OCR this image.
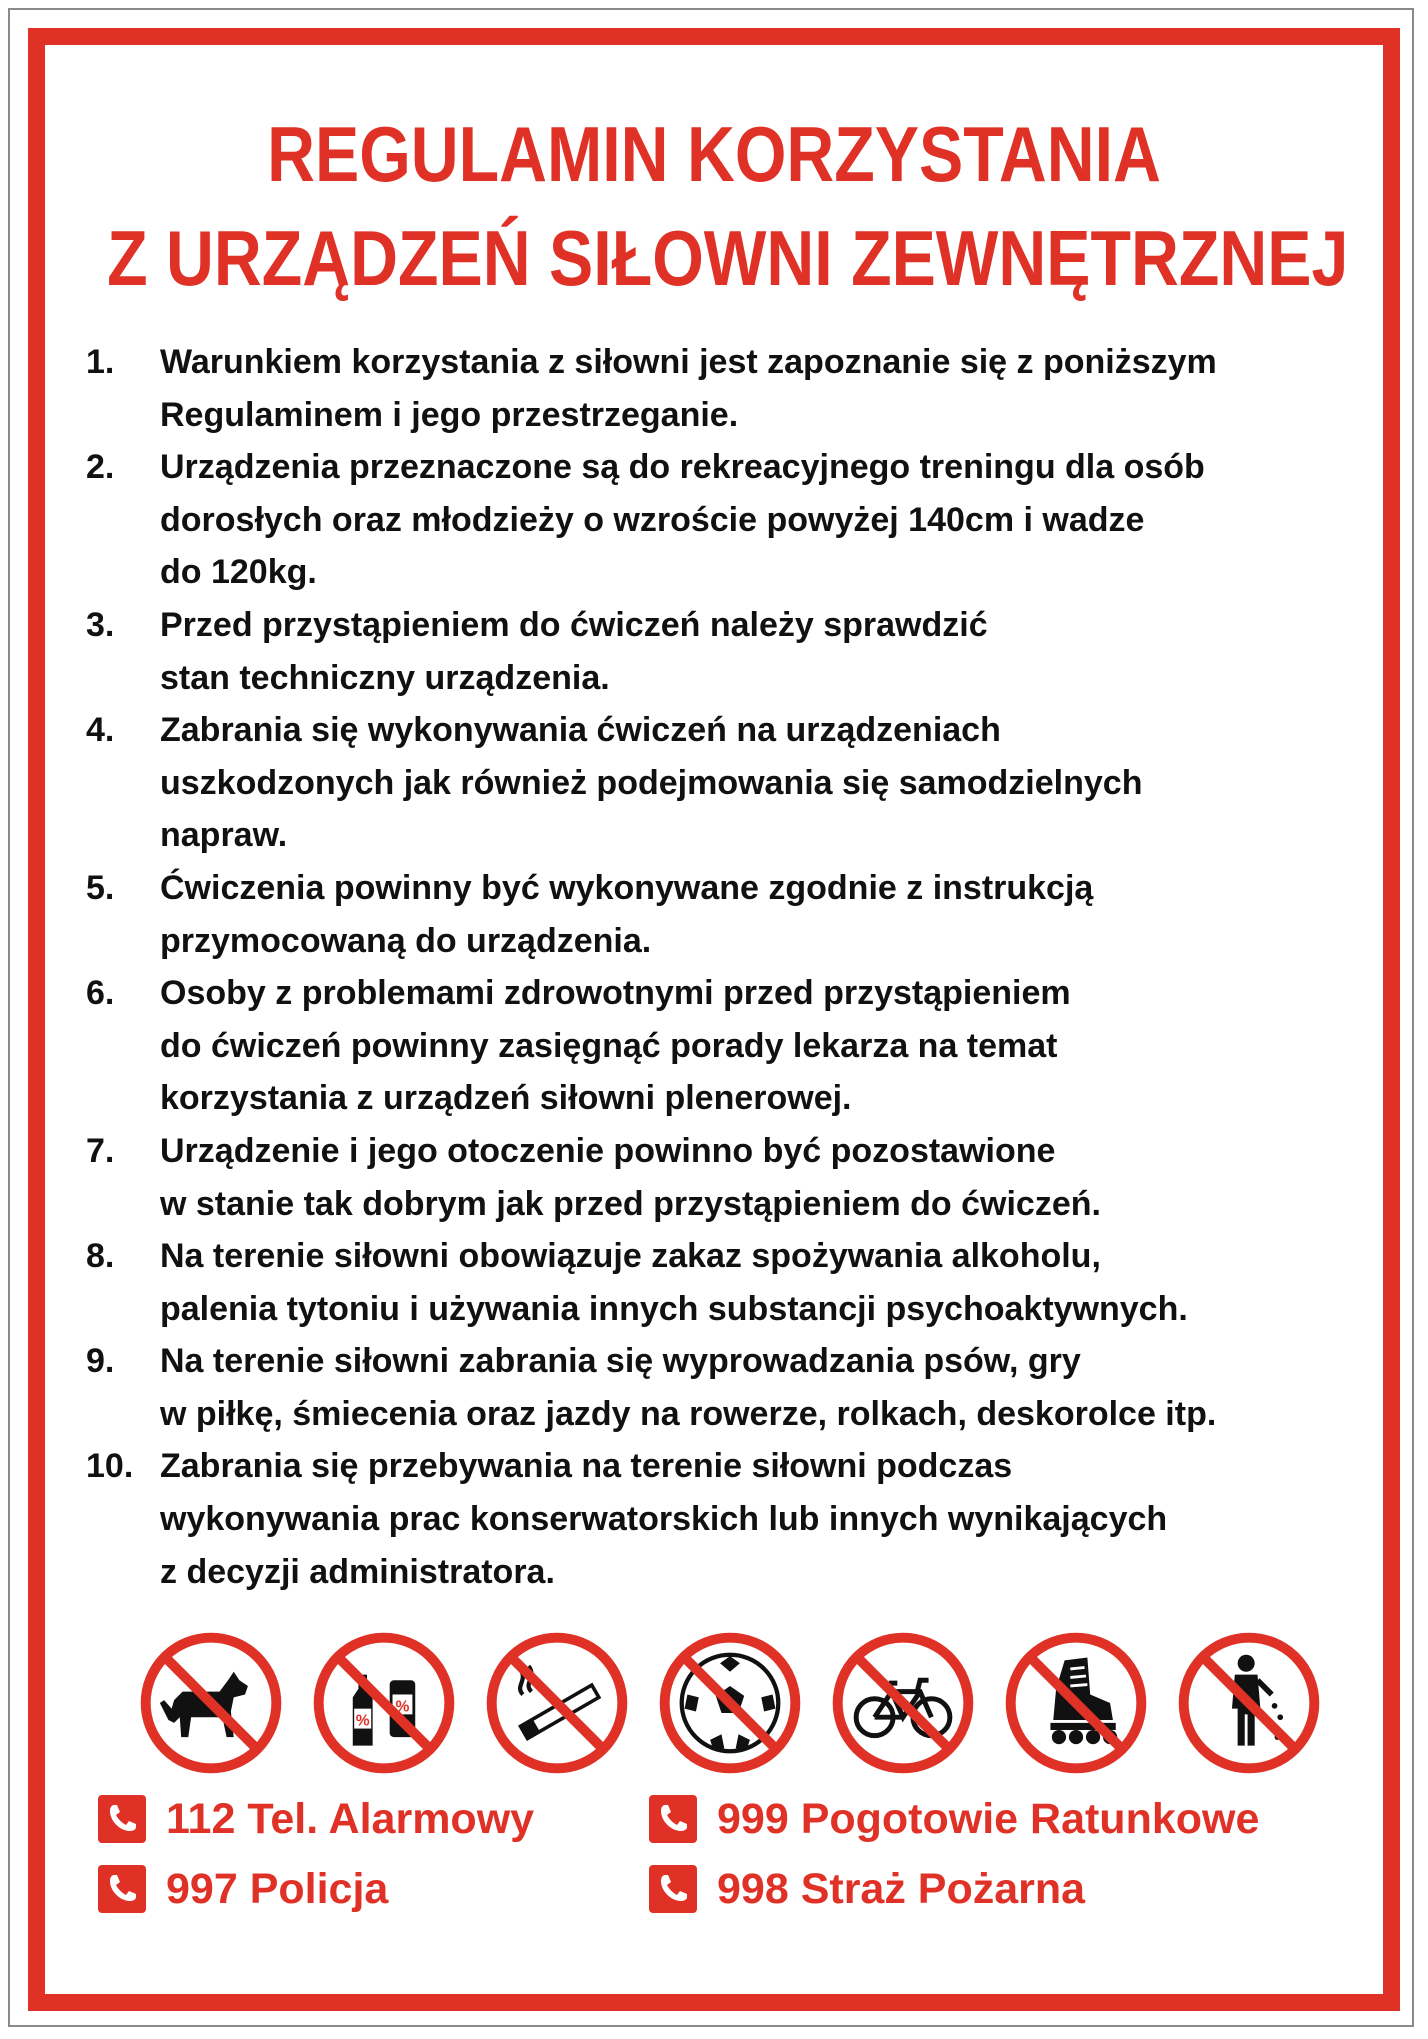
REGULAMIN KORZYSTANIA
Z URZĄDZEŃ SIŁOWNI ZEWNĘTRZNEJ
1.	Warunkiem korzystania z siłowni jest zapoznanie się z poniższym
Regulaminem i jego przestrzeganie.
2.	Urządzenia przeznaczone są do rekreacyjnego treningu dla osób
dorosłych oraz młodzieży o wzroście powyżej 140cm i wadze
do 120kg.
3.	Przed przystąpieniem do ćwiczeń należy sprawdzić
stan techniczny urządzenia.
4.	Zabrania się wykonywania ćwiczeń na urządzeniach
uszkodzonych jak również podejmowania się samodzielnych
napraw.
5.	Ćwiczenia powinny być wykonywane zgodnie z instrukcją
przymocowaną do urządzenia.
6.	Osoby z problemami zdrowotnymi przed przystąpieniem
do ćwiczeń powinny zasięgnąć porady lekarza na temat
korzystania z urządzeń siłowni plenerowej.
7.	Urządzenie i jego otoczenie powinno być pozostawione
w stanie tak dobrym jak przed przystąpieniem do ćwiczeń.
8.	Na terenie siłowni obowiązuje zakaz spożywania alkoholu,
palenia tytoniu i używania innych substancji psychoaktywnych.
9.	Na terenie siłowni zabrania się wyprowadzania psów, gry
w piłkę, śmiecenia oraz jazdy na rowerze, rolkach, deskorolce itp.
10. Zabrania się przebywania na terenie siłowni podczas
wykonywania prac konserwatorskich lub innych wynikających
z decyzji administratora.
%
%
112 Tel. Alarmowy	999 Pogotowie Ratunkowe
997 Policja	998 Straż Pożarna
